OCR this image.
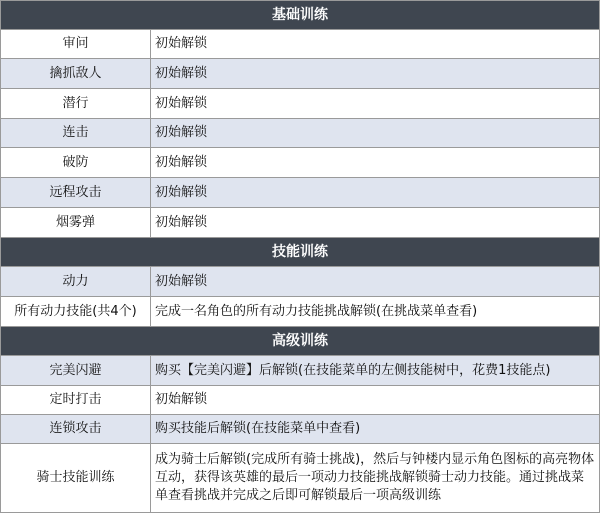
基础训练	
审问	初始解锁
擒抓敌人	初始解锁
潜行	初始解锁
连击	初始解锁
破防	初始解锁
远程攻击	初始解锁
烟雾弹	初始解锁
技能训练	
动力	初始解锁
所有动力技能(共4个)	完成一名角色的所有动力技能挑战解锁(在挑战菜单查看)
高级训练	
完美闪避	购买【完美闪避】后解锁(在技能菜单的左侧技能树中，花费1技能点)
定时打击	初始解锁
连锁攻击	购买技能后解锁(在技能菜单中查看)
骑士技能训练	成为骑士后解锁(完成所有骑士挑战)，然后与钟楼内显示角色图标的高亮物体互动，获得该英雄的最后一项动力技能挑战解锁骑士动力技能。通过挑战菜单查看挑战并完成之后即可解锁最后一项高级训练
